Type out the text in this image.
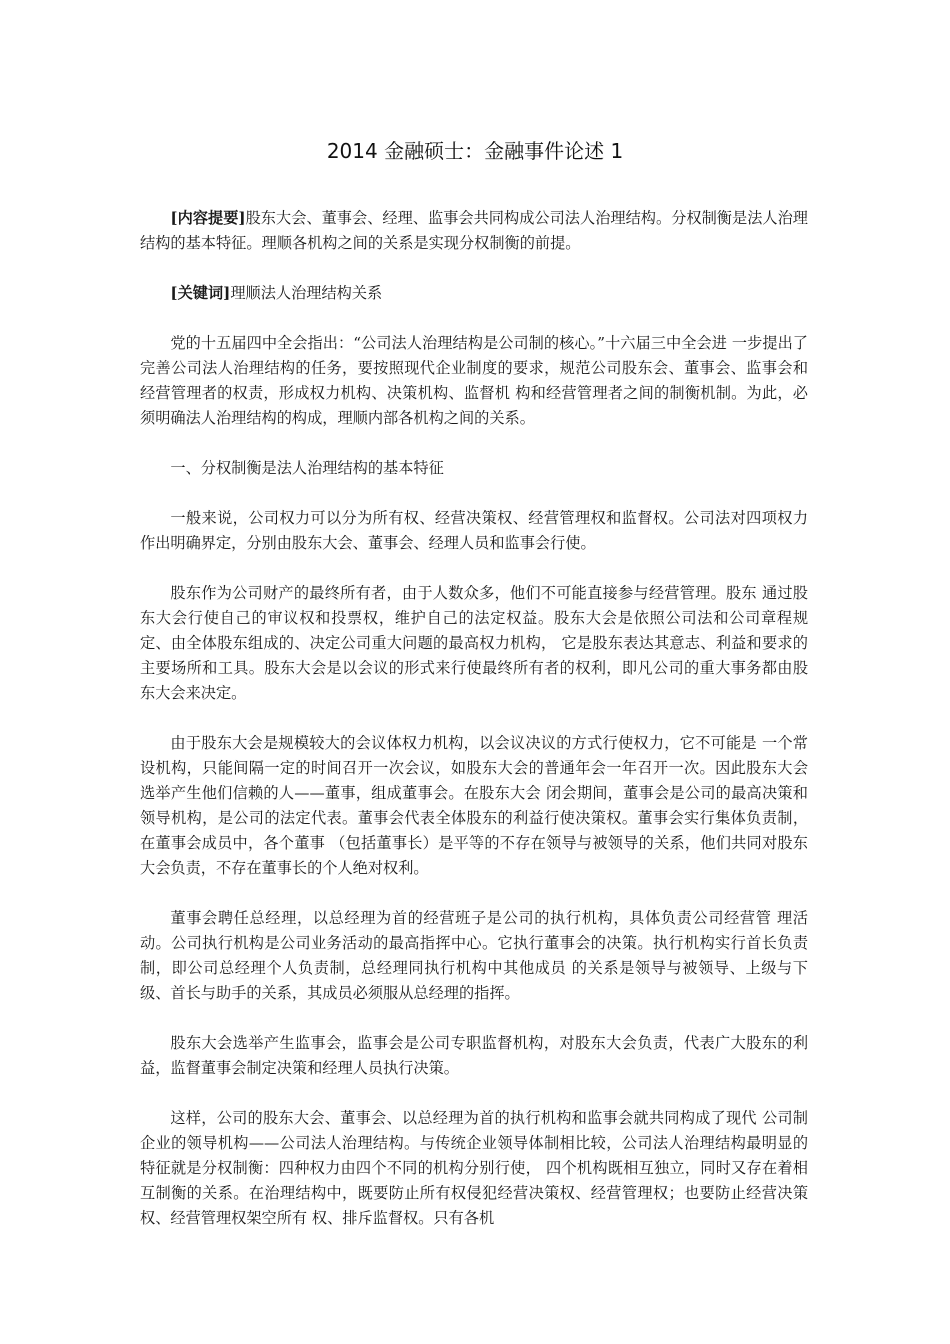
2014 金融硕士：金融事件论述 1

[内容提要]股东大会、董事会、经理、监事会共同构成公司法人治理结构。分权制衡是法人治理结构的基本特征。理顺各机构之间的关系是实现分权制衡的前提。

[关键词]理顺法人治理结构关系

党的十五届四中全会指出：“公司法人治理结构是公司制的核心。”十六届三中全会进 一步提出了完善公司法人治理结构的任务，要按照现代企业制度的要求，规范公司股东会、董事会、监事会和经营管理者的权责，形成权力机构、决策机构、监督机 构和经营管理者之间的制衡机制。为此，必须明确法人治理结构的构成，理顺内部各机构之间的关系。

一、分权制衡是法人治理结构的基本特征

一般来说，公司权力可以分为所有权、经营决策权、经营管理权和监督权。公司法对四项权力作出明确界定，分别由股东大会、董事会、经理人员和监事会行使。

股东作为公司财产的最终所有者，由于人数众多，他们不可能直接参与经营管理。股东 通过股东大会行使自己的审议权和投票权，维护自己的法定权益。股东大会是依照公司法和公司章程规定、由全体股东组成的、决定公司重大问题的最高权力机构， 它是股东表达其意志、利益和要求的主要场所和工具。股东大会是以会议的形式来行使最终所有者的权利，即凡公司的重大事务都由股东大会来决定。

由于股东大会是规模较大的会议体权力机构，以会议决议的方式行使权力，它不可能是 一个常设机构，只能间隔一定的时间召开一次会议，如股东大会的普通年会一年召开一次。因此股东大会选举产生他们信赖的人——董事，组成董事会。在股东大会 闭会期间，董事会是公司的最高决策和领导机构，是公司的法定代表。董事会代表全体股东的利益行使决策权。董事会实行集体负责制，在董事会成员中，各个董事 （包括董事长）是平等的不存在领导与被领导的关系，他们共同对股东大会负责，不存在董事长的个人绝对权利。

董事会聘任总经理，以总经理为首的经营班子是公司的执行机构，具体负责公司经营管 理活动。公司执行机构是公司业务活动的最高指挥中心。它执行董事会的决策。执行机构实行首长负责制，即公司总经理个人负责制，总经理同执行机构中其他成员 的关系是领导与被领导、上级与下级、首长与助手的关系，其成员必须服从总经理的指挥。

股东大会选举产生监事会，监事会是公司专职监督机构，对股东大会负责，代表广大股东的利益，监督董事会制定决策和经理人员执行决策。

这样，公司的股东大会、董事会、以总经理为首的执行机构和监事会就共同构成了现代 公司制企业的领导机构——公司法人治理结构。与传统企业领导体制相比较，公司法人治理结构最明显的特征就是分权制衡：四种权力由四个不同的机构分别行使， 四个机构既相互独立，同时又存在着相互制衡的关系。在治理结构中，既要防止所有权侵犯经营决策权、经营管理权；也要防止经营决策权、经营管理权架空所有 权、排斥监督权。只有各机
